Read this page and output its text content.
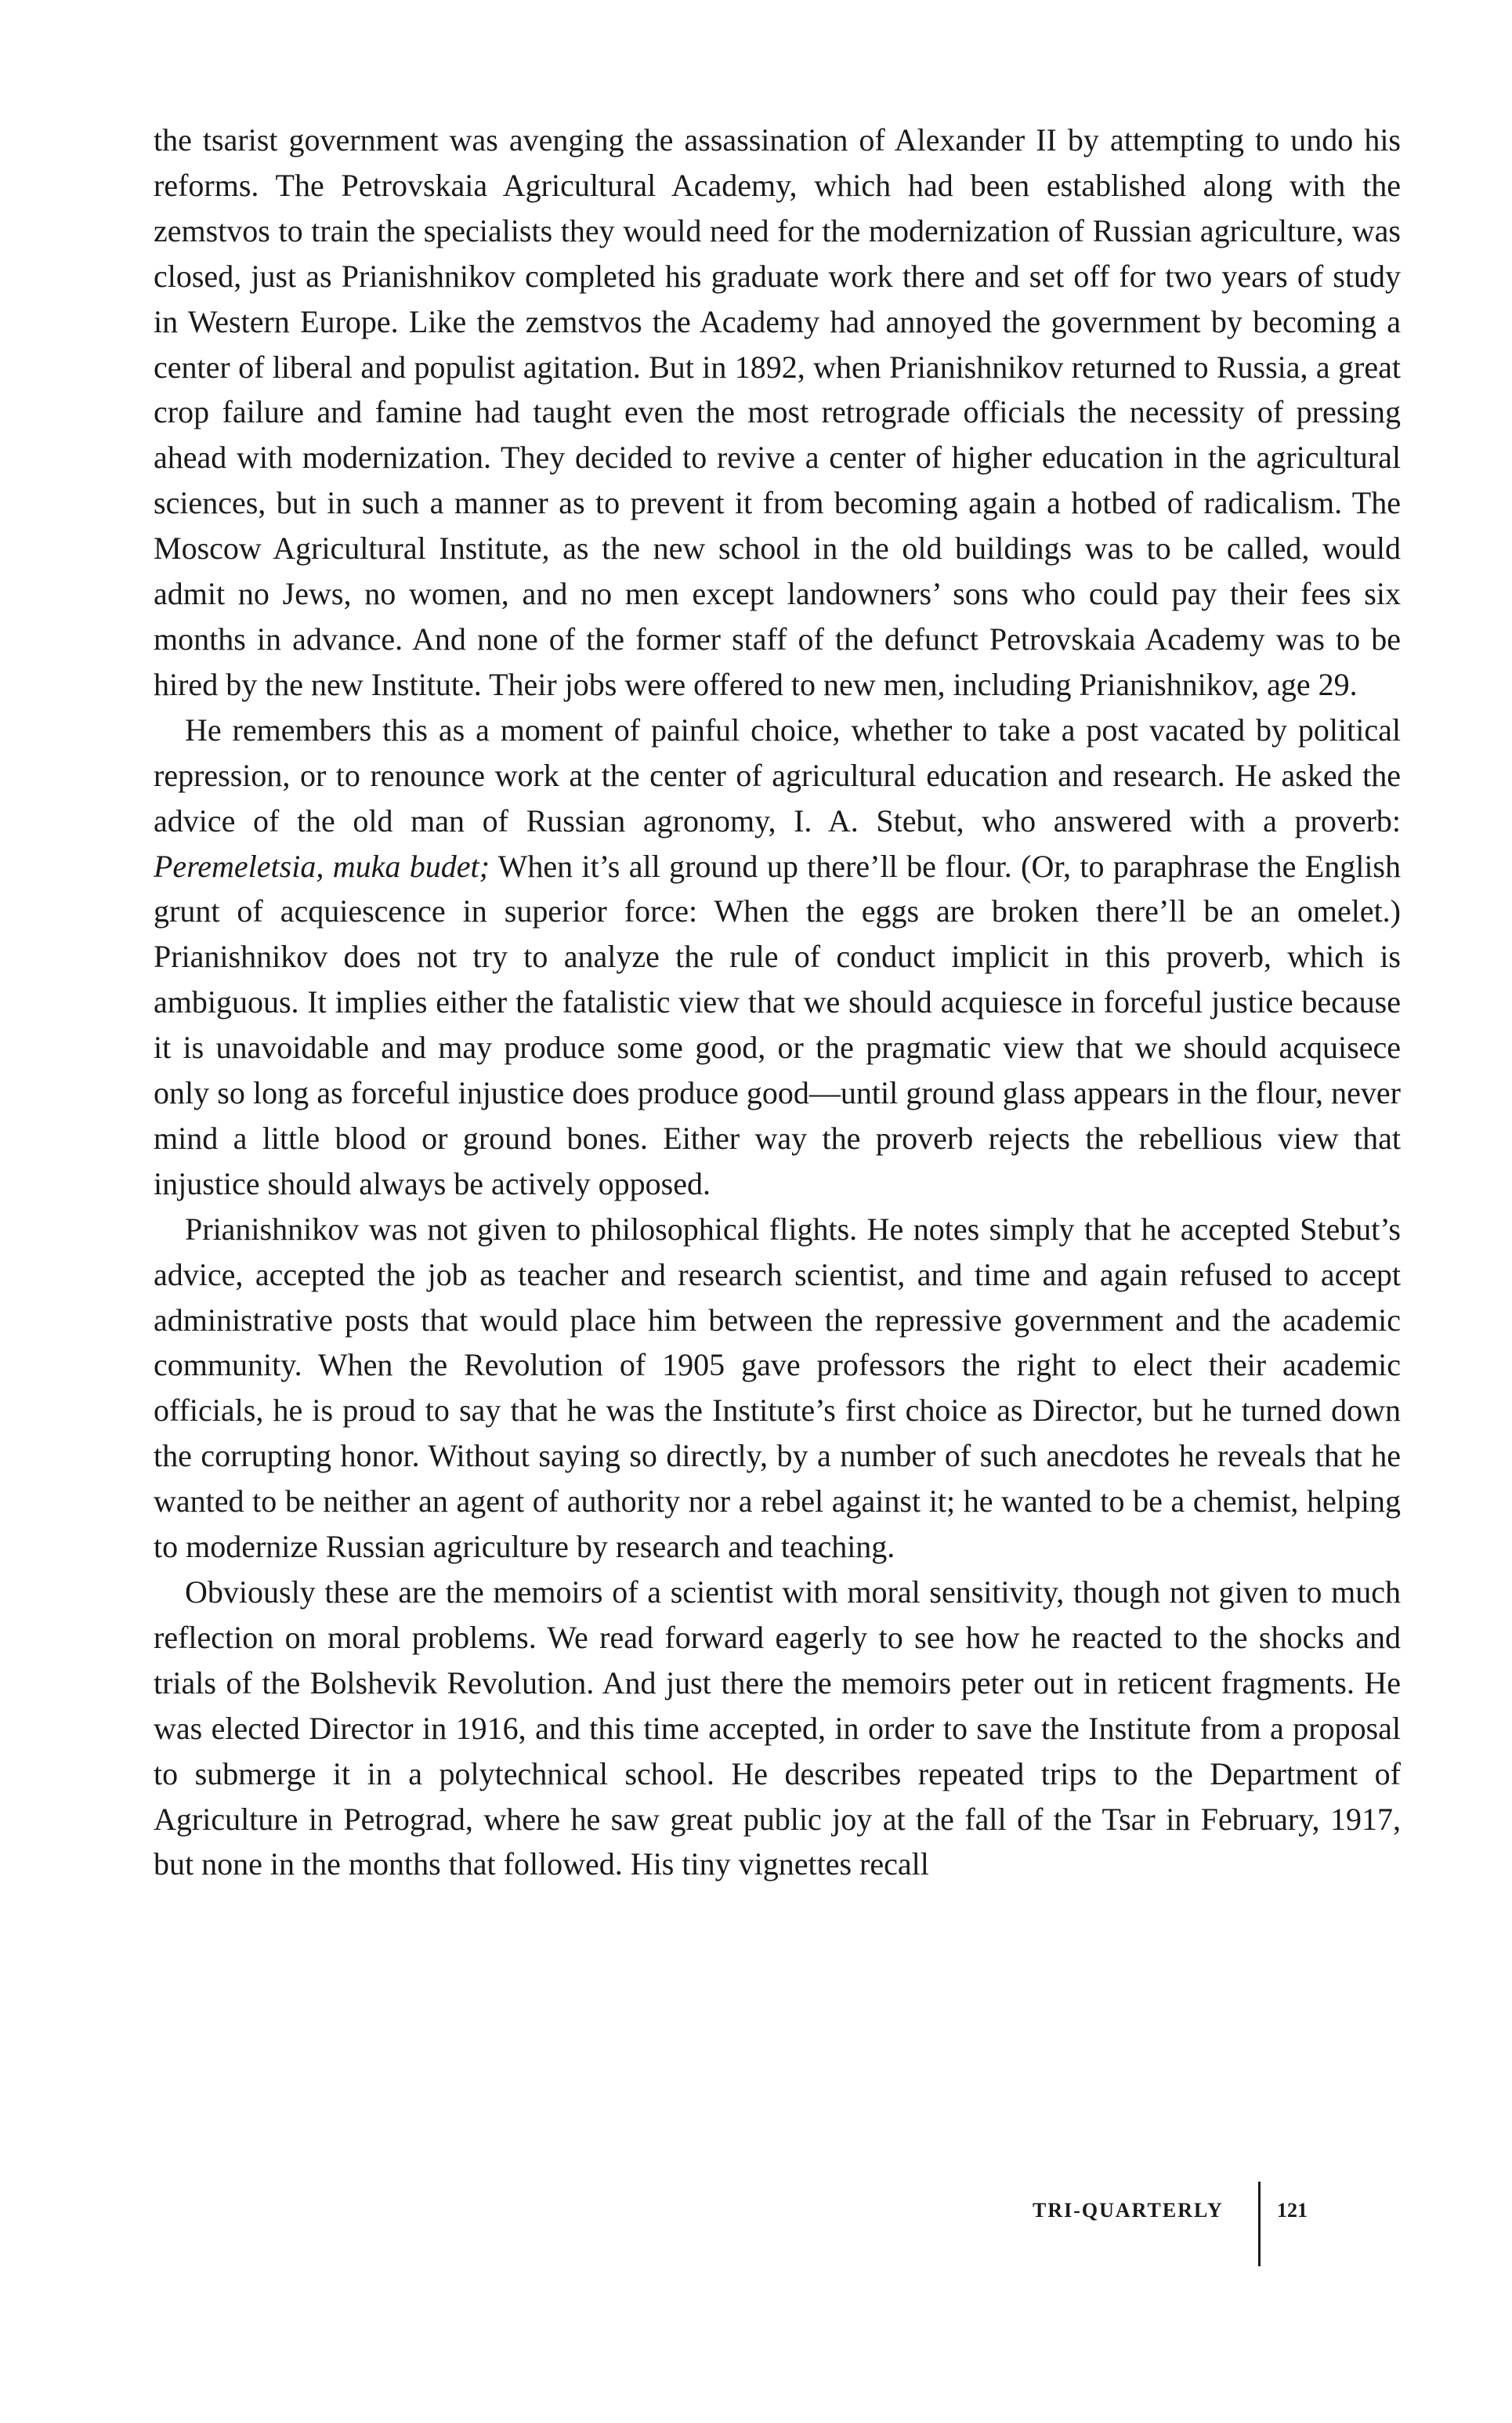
the tsarist government was avenging the assassination of Alexander II by attempting to undo his reforms. The Petrovskaia Agricultural Academy, which had been established along with the zemstvos to train the specialists they would need for the modernization of Russian agriculture, was closed, just as Prianishnikov completed his graduate work there and set off for two years of study in Western Europe. Like the zemstvos the Academy had annoyed the government by becoming a center of liberal and populist agitation. But in 1892, when Prianishnikov returned to Russia, a great crop failure and famine had taught even the most retrograde officials the necessity of pressing ahead with modernization. They decided to revive a center of higher education in the agricultural sciences, but in such a manner as to prevent it from becoming again a hotbed of radicalism. The Moscow Agricultural Institute, as the new school in the old buildings was to be called, would admit no Jews, no women, and no men except landowners’ sons who could pay their fees six months in advance. And none of the former staff of the defunct Petrovskaia Academy was to be hired by the new Institute. Their jobs were offered to new men, including Prianishnikov, age 29.

He remembers this as a moment of painful choice, whether to take a post vacated by political repression, or to renounce work at the center of agricultural education and research. He asked the advice of the old man of Russian agronomy, I. A. Stebut, who answered with a proverb: Peremeletsia, muka budet; When it’s all ground up there’ll be flour. (Or, to paraphrase the English grunt of acquiescence in superior force: When the eggs are broken there’ll be an omelet.) Prianishnikov does not try to analyze the rule of conduct implicit in this proverb, which is ambiguous. It implies either the fatalistic view that we should acquiesce in forceful justice because it is unavoidable and may produce some good, or the pragmatic view that we should acquisece only so long as forceful injustice does produce good—until ground glass appears in the flour, never mind a little blood or ground bones. Either way the proverb rejects the rebellious view that injustice should always be actively opposed.

Prianishnikov was not given to philosophical flights. He notes simply that he accepted Stebut’s advice, accepted the job as teacher and research scientist, and time and again refused to accept administrative posts that would place him between the repressive government and the academic community. When the Revolution of 1905 gave professors the right to elect their academic officials, he is proud to say that he was the Institute’s first choice as Director, but he turned down the corrupting honor. Without saying so directly, by a number of such anecdotes he reveals that he wanted to be neither an agent of authority nor a rebel against it; he wanted to be a chemist, helping to modernize Russian agriculture by research and teaching.

Obviously these are the memoirs of a scientist with moral sensitivity, though not given to much reflection on moral problems. We read forward eagerly to see how he reacted to the shocks and trials of the Bolshevik Revolution. And just there the memoirs peter out in reticent fragments. He was elected Director in 1916, and this time accepted, in order to save the Institute from a proposal to submerge it in a polytechnical school. He describes repeated trips to the Department of Agriculture in Petrograd, where he saw great public joy at the fall of the Tsar in February, 1917, but none in the months that followed. His tiny vignettes recall

TRI-QUARTERLY	121
